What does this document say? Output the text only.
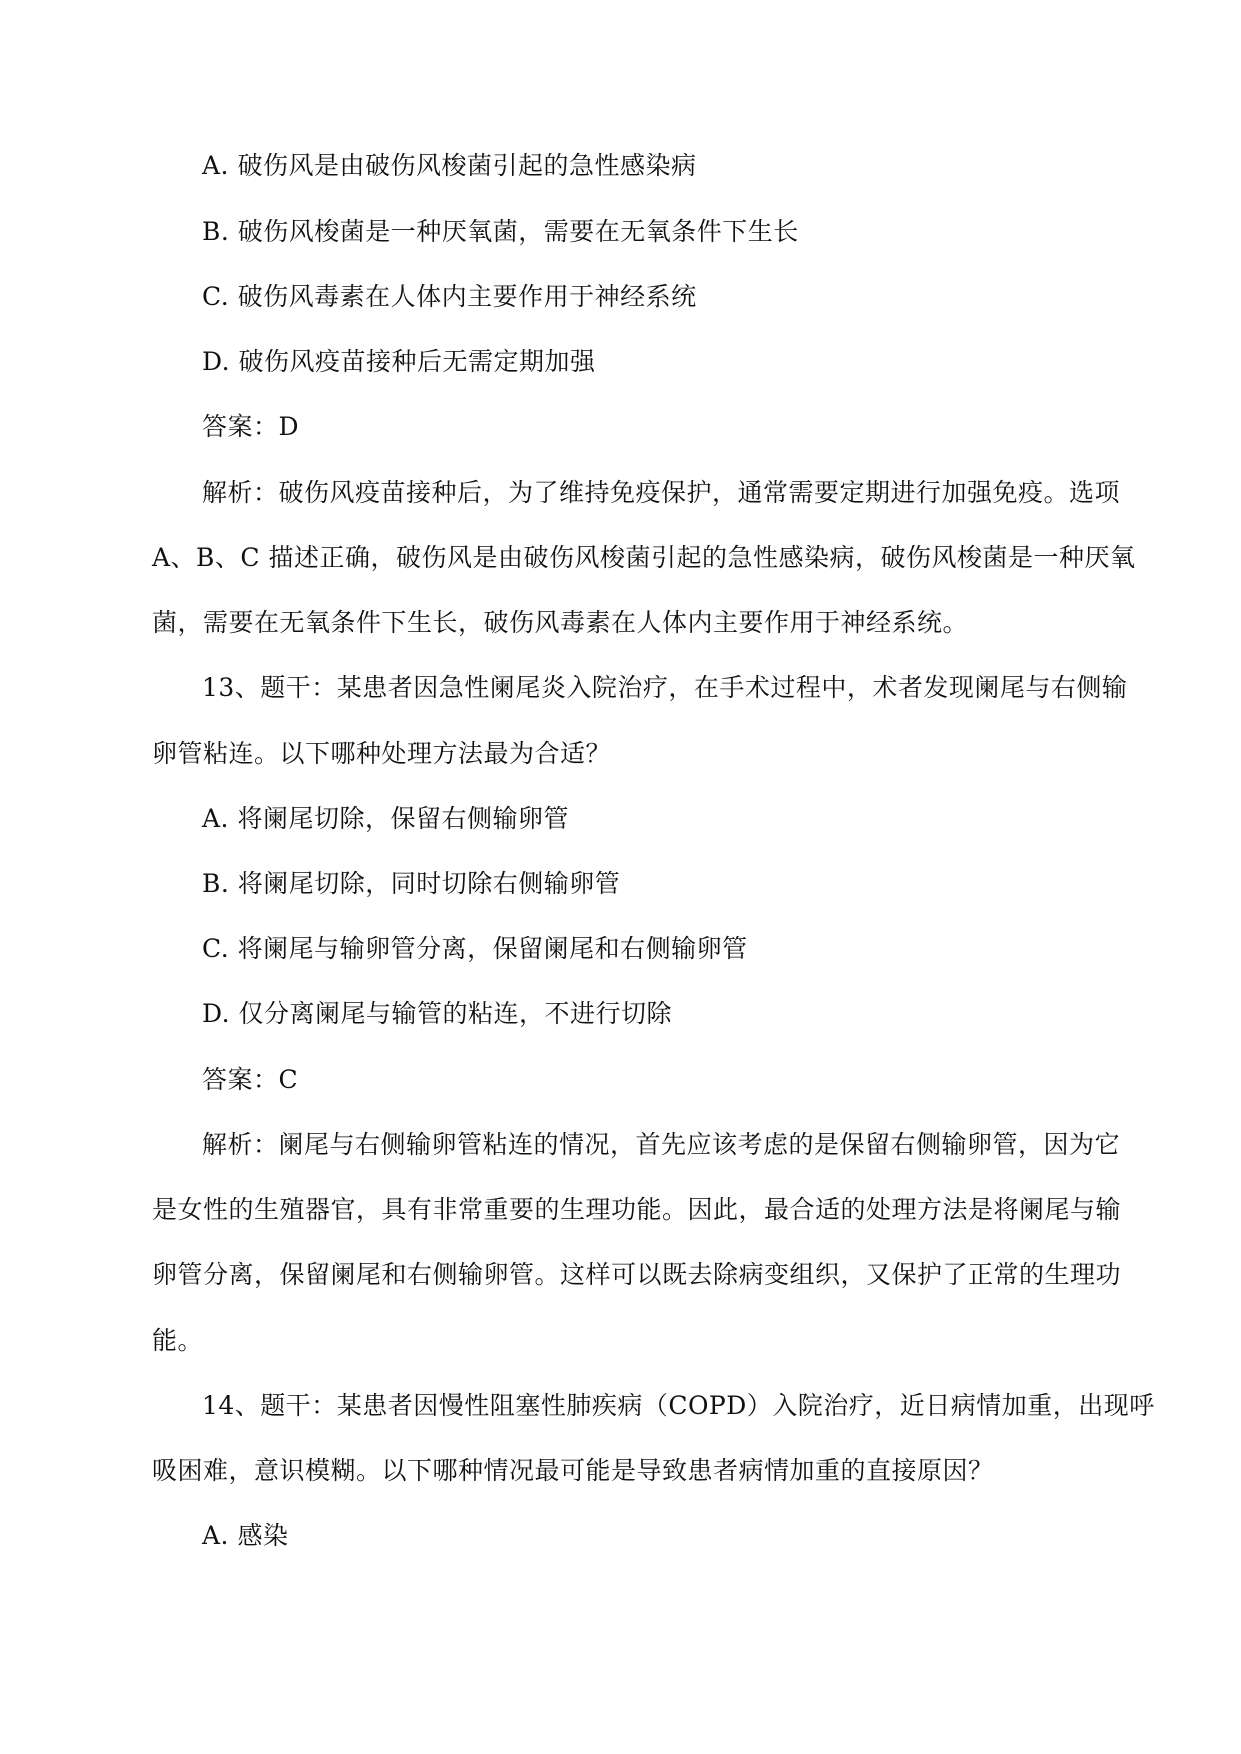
A. 破伤风是由破伤风梭菌引起的急性感染病
B. 破伤风梭菌是一种厌氧菌，需要在无氧条件下生长
C. 破伤风毒素在人体内主要作用于神经系统
D. 破伤风疫苗接种后无需定期加强
答案：D
解析：破伤风疫苗接种后，为了维持免疫保护，通常需要定期进行加强免疫。选项
A、B、C 描述正确，破伤风是由破伤风梭菌引起的急性感染病，破伤风梭菌是一种厌氧
菌，需要在无氧条件下生长，破伤风毒素在人体内主要作用于神经系统。
13、题干：某患者因急性阑尾炎入院治疗，在手术过程中，术者发现阑尾与右侧输
卵管粘连。以下哪种处理方法最为合适？
A. 将阑尾切除，保留右侧输卵管
B. 将阑尾切除，同时切除右侧输卵管
C. 将阑尾与输卵管分离，保留阑尾和右侧输卵管
D. 仅分离阑尾与输管的粘连，不进行切除
答案：C
解析：阑尾与右侧输卵管粘连的情况，首先应该考虑的是保留右侧输卵管，因为它
是女性的生殖器官，具有非常重要的生理功能。因此，最合适的处理方法是将阑尾与输
卵管分离，保留阑尾和右侧输卵管。这样可以既去除病变组织，又保护了正常的生理功
能。
14、题干：某患者因慢性阻塞性肺疾病（COPD）入院治疗，近日病情加重，出现呼
吸困难，意识模糊。以下哪种情况最可能是导致患者病情加重的直接原因？
A. 感染
